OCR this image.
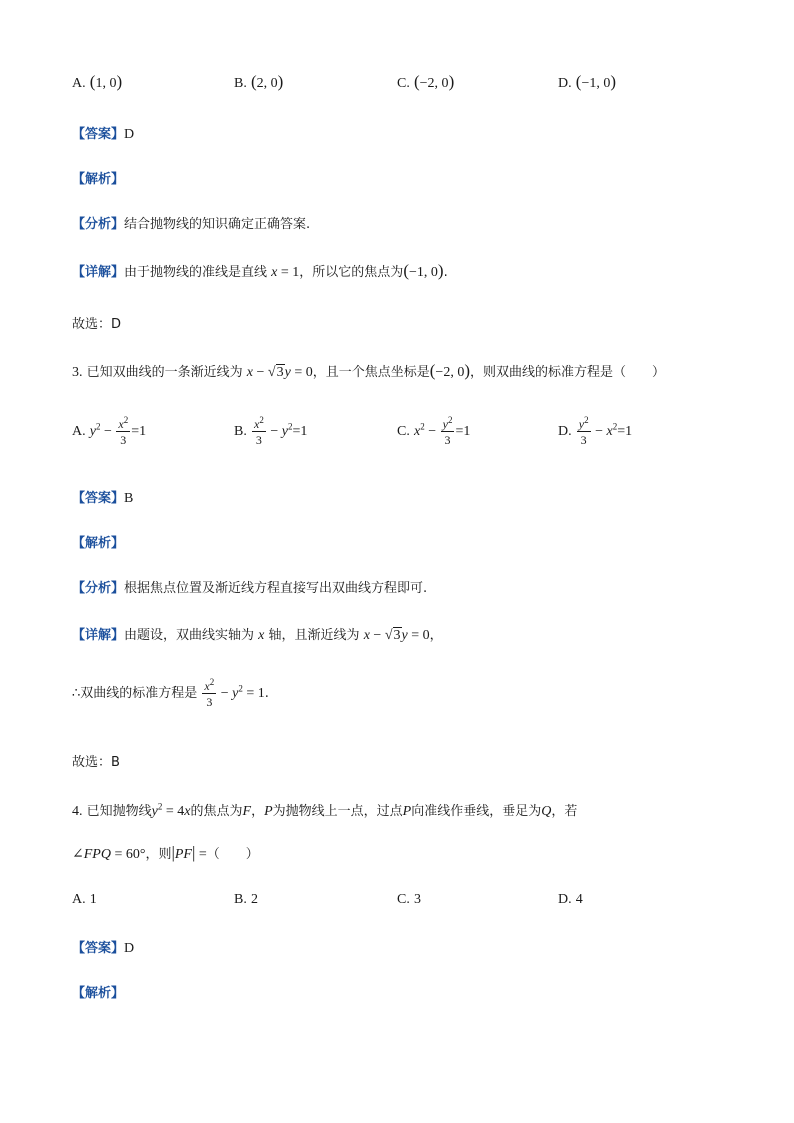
A. (1, 0)	B. (2, 0)	C. (−2, 0)	D. (−1, 0)
【答案】D
【解析】
【分析】结合抛物线的知识确定正确答案.
【详解】由于抛物线的准线是直线 x = 1，所以它的焦点为(−1, 0).
故选：D
3. 已知双曲线的一条渐近线为 x − √3y = 0，且一个焦点坐标是(−2, 0)，则双曲线的标准方程是（　　）
A. $y^2 - \frac{x^2}{3} =1$	B. $\frac{x^2}{3} - y^2=1$	C. $x^2 - \frac{y^2}{3} =1$	D. $\frac{y^2}{3} - x^2=1$
【答案】B
【解析】
【分析】根据焦点位置及渐近线方程直接写出双曲线方程即可.
【详解】由题设，双曲线实轴为 x 轴，且渐近线为 x − √3y = 0，
∴双曲线的标准方程是 $\frac{x^2}{3} - y^2 = 1$.
故选：B
4. 已知抛物线$y^2 = 4x$的焦点为F，P为抛物线上一点，过点P向准线作垂线，垂足为Q，若
∠FPQ = 60°，则|PF| =（　　）
A. 1	B. 2	C. 3	D. 4
【答案】D
【解析】
